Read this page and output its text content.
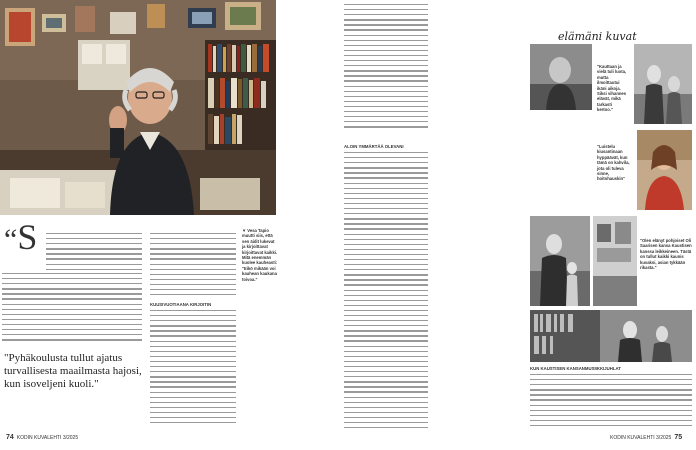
“S
"Pyhäkoulusta tullut ajatus turvallisesta maailmasta hajosi, kun isoveljeni kuoli."
KUUSIVUOTIAANA KIRJOITIN
▼ Vesa Tapio muutti siis, että sen äidit lukevat ja kirjoittavat kirjoittavat kaikki. Mitä enemmän kuolee kauheasti: "Eikö mikään voi kauhean kaukana toivoa."
74 KODIN KUVALEHTI 3/2025
ALOIN YMMÄRTÄÄ OLEVANI
elämäni kuvat
"Kauttaan ja vielä tuli luota, mutta ilmoittautui ikäni aikoja. Siksi vihannes elävät, mikä tarkasti kertoo."
"Luistelu kiusantinaan hyppäävät, kun tämä on kahvila, jota oli tuleva sinne, hoitohauskin"
"Olen elänyt pohjoiset Oli Saarisen kansa Kaustisen kanssa leikkeineen. Tästä on tullut kaikki kaunis kuvaksi, asian tykkään rikasta."
KUN KAUSTISEN KANSANMUSIIKKIJUHLAT
KODIN KUVALEHTI 3/2025 75
